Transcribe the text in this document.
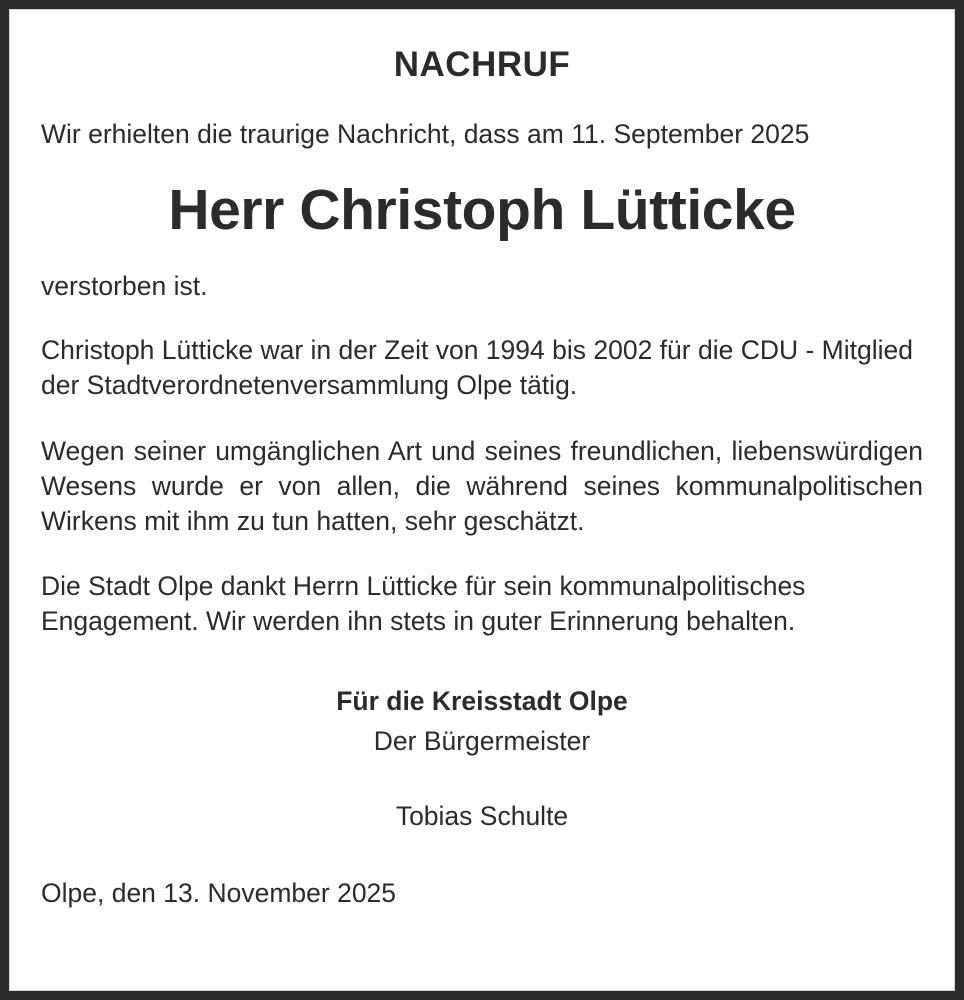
NACHRUF

Wir erhielten die traurige Nachricht, dass am 11. September 2025

Herr Christoph Lütticke

verstorben ist.

Christoph Lütticke war in der Zeit von 1994 bis 2002 für die CDU - Mitglied der Stadtverordnetenversammlung Olpe tätig.

Wegen seiner umgänglichen Art und seines freundlichen, liebenswürdigen Wesens wurde er von allen, die während seines kommunalpolitischen Wirkens mit ihm zu tun hatten, sehr geschätzt.

Die Stadt Olpe dankt Herrn Lütticke für sein kommunalpolitisches Engagement. Wir werden ihn stets in guter Erinnerung behalten.

Für die Kreisstadt Olpe
Der Bürgermeister
Tobias Schulte

Olpe, den 13. November 2025
